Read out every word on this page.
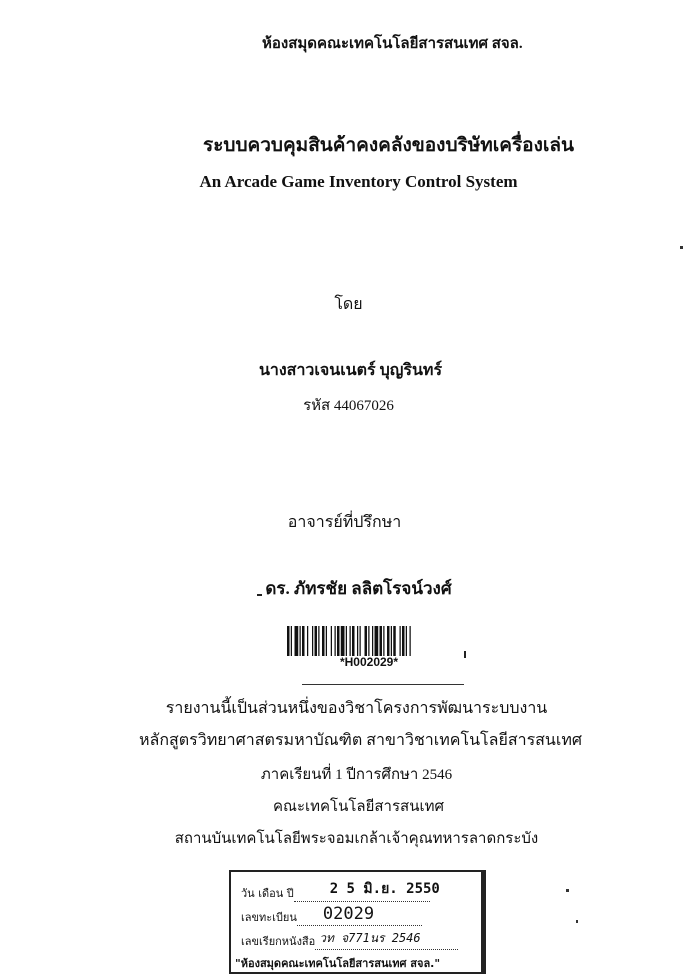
ห้องสมุดคณะเทคโนโลยีสารสนเทศ สจล.
ระบบควบคุมสินค้าคงคลังของบริษัทเครื่องเล่น
An Arcade Game Inventory Control System
โดย
นางสาวเจนเนตร์ บุญรินทร์
รหัส 44067026
อาจารย์ที่ปรึกษา
ดร. ภัทรชัย ลลิตโรจน์วงศ์
*H002029*
รายงานนี้เป็นส่วนหนึ่งของวิชาโครงการพัฒนาระบบงาน
หลักสูตรวิทยาศาสตรมหาบัณฑิต สาขาวิชาเทคโนโลยีสารสนเทศ
ภาคเรียนที่ 1 ปีการศึกษา 2546
คณะเทคโนโลยีสารสนเทศ
สถานบันเทคโนโลยีพระจอมเกล้าเจ้าคุณทหารลาดกระบัง
วัน เดือน ปี	2 5 มิ.ย. 2550
เลขทะเบียน 02029
เลขเรียกหนังสือ วท จ771นร 2546
"ห้องสมุดคณะเทคโนโลยีสารสนเทศ สจล."
